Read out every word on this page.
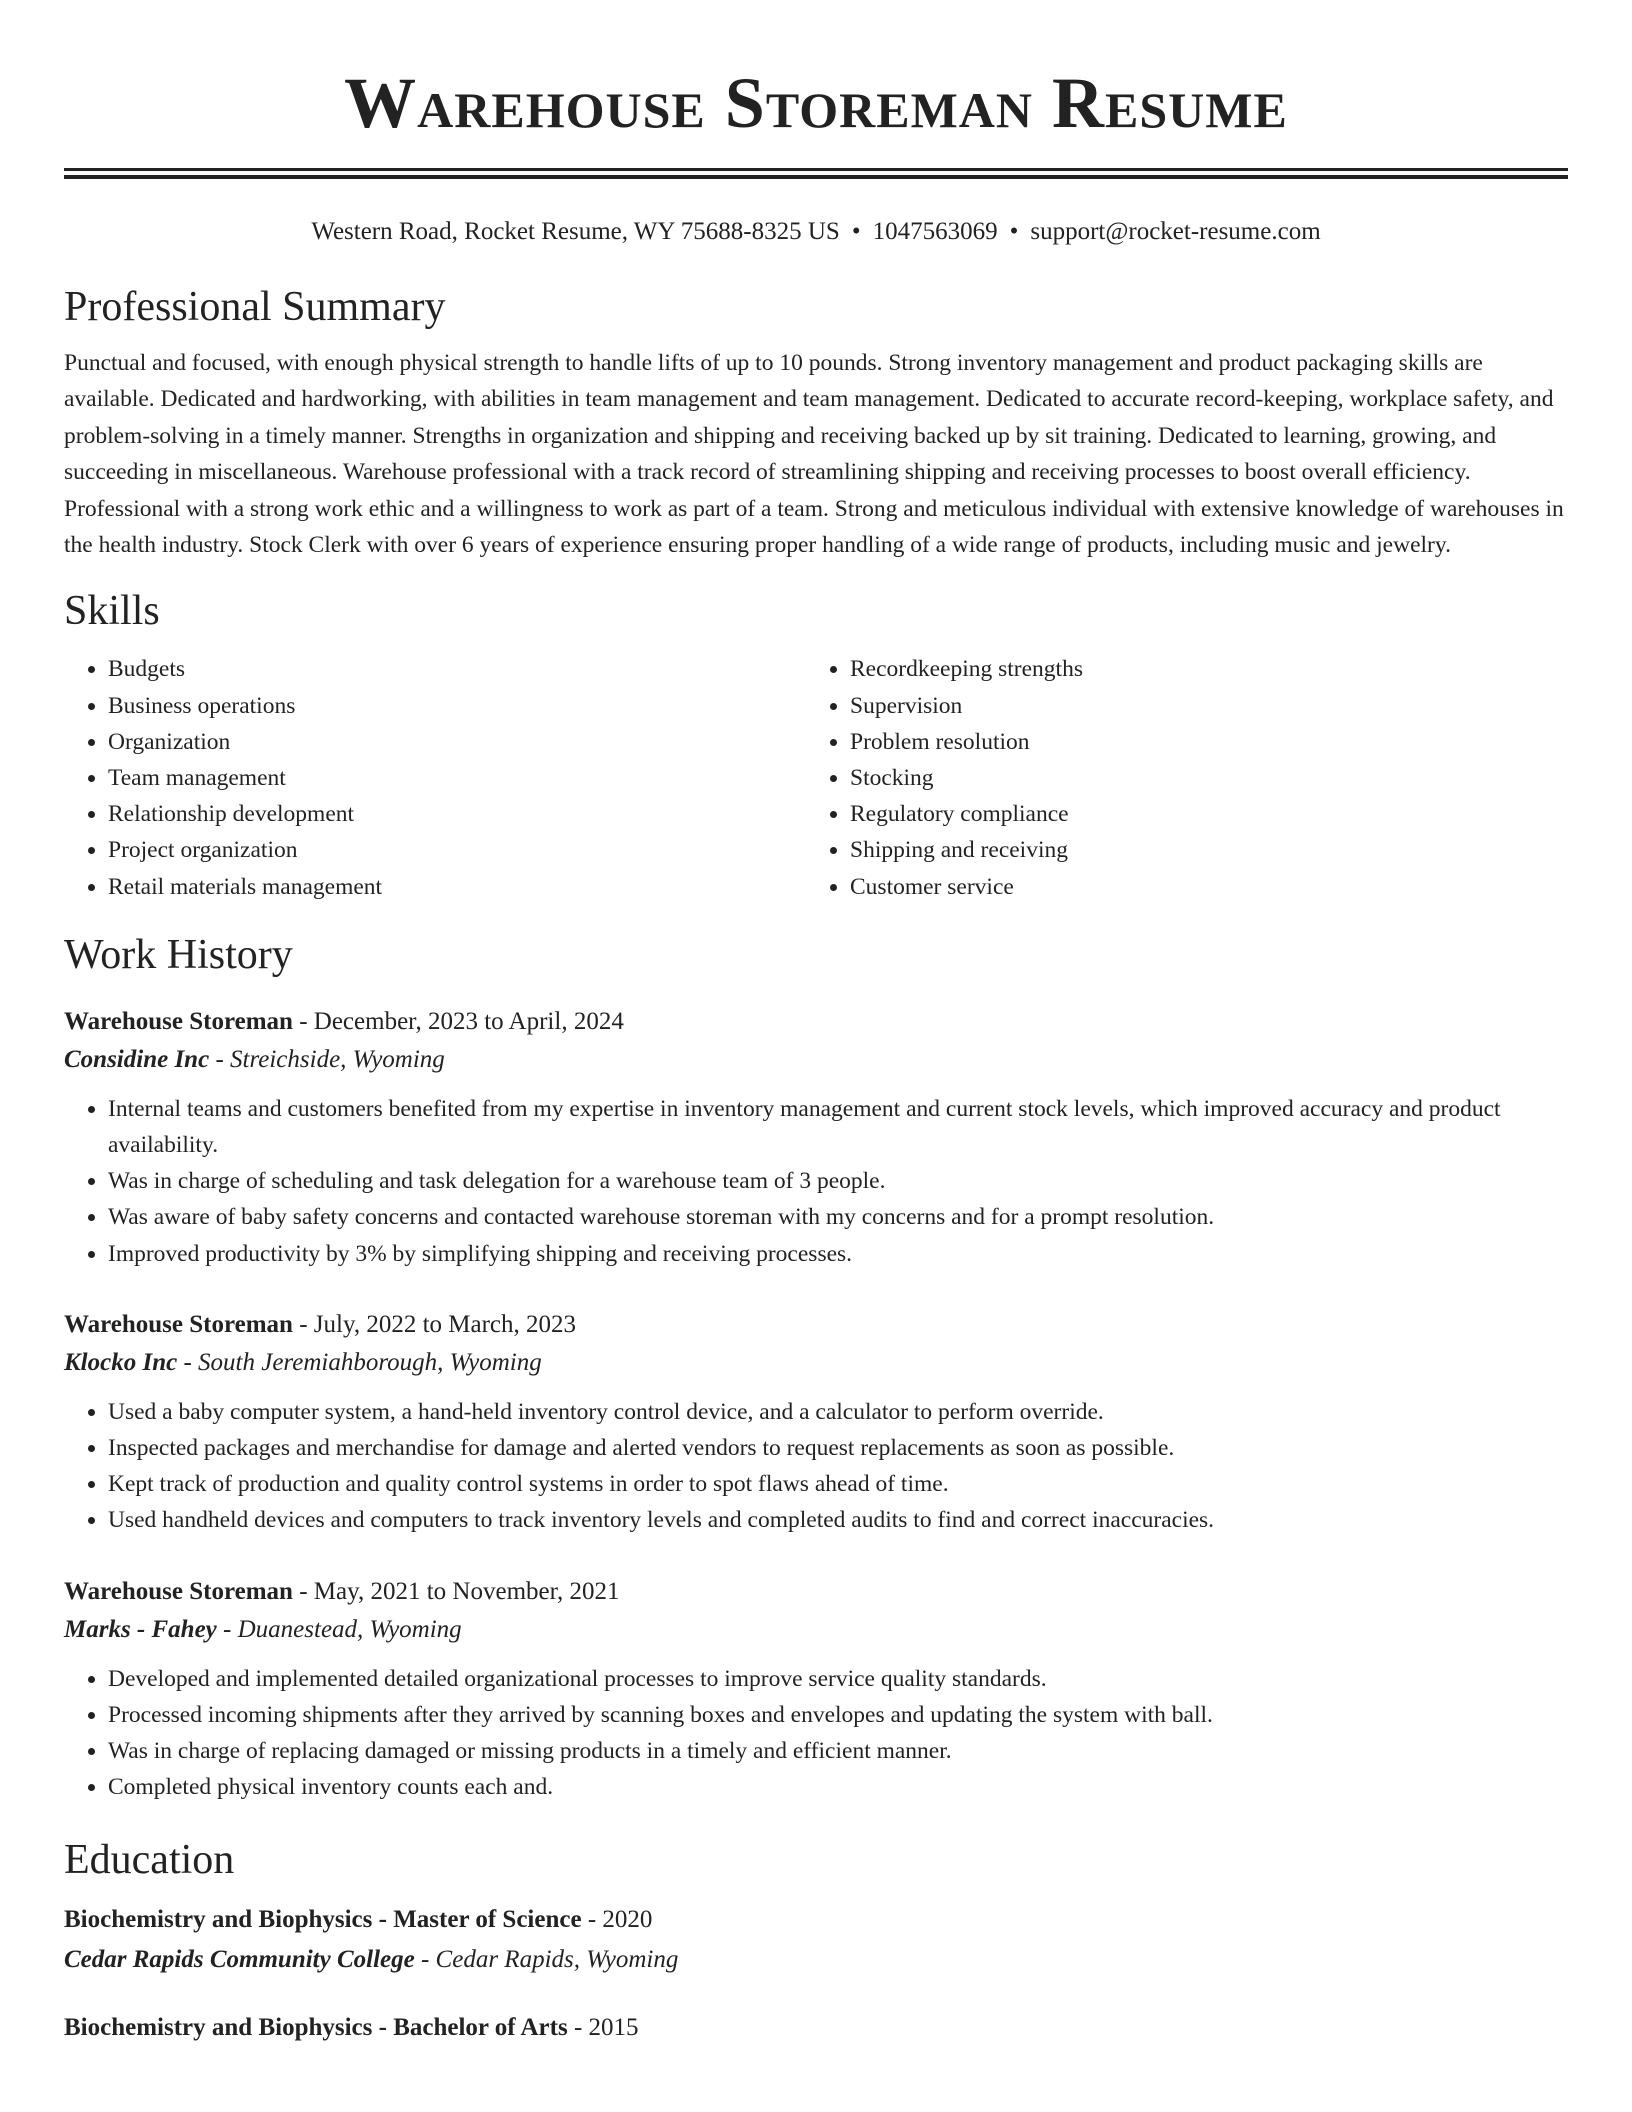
Warehouse Storeman Resume
Western Road, Rocket Resume, WY 75688-8325 US • 1047563069 • support@rocket-resume.com
Professional Summary

Punctual and focused, with enough physical strength to handle lifts of up to 10 pounds. Strong inventory management and product packaging skills are available. Dedicated and hardworking, with abilities in team management and team management. Dedicated to accurate record-keeping, workplace safety, and problem-solving in a timely manner. Strengths in organization and shipping and receiving backed up by sit training. Dedicated to learning, growing, and succeeding in miscellaneous. Warehouse professional with a track record of streamlining shipping and receiving processes to boost overall efficiency. Professional with a strong work ethic and a willingness to work as part of a team. Strong and meticulous individual with extensive knowledge of warehouses in the health industry. Stock Clerk with over 6 years of experience ensuring proper handling of a wide range of products, including music and jewelry.

Skills
• Budgets
• Business operations
• Organization
• Team management
• Relationship development
• Project organization
• Retail materials management
• Recordkeeping strengths
• Supervision
• Problem resolution
• Stocking
• Regulatory compliance
• Shipping and receiving
• Customer service
Work History
Warehouse Storeman - December, 2023 to April, 2024
Considine Inc - Streichside, Wyoming
• Internal teams and customers benefited from my expertise in inventory management and current stock levels, which improved accuracy and product availability.
• Was in charge of scheduling and task delegation for a warehouse team of 3 people.
• Was aware of baby safety concerns and contacted warehouse storeman with my concerns and for a prompt resolution.
• Improved productivity by 3% by simplifying shipping and receiving processes.
Warehouse Storeman - July, 2022 to March, 2023
Klocko Inc - South Jeremiahborough, Wyoming
• Used a baby computer system, a hand-held inventory control device, and a calculator to perform override.
• Inspected packages and merchandise for damage and alerted vendors to request replacements as soon as possible.
• Kept track of production and quality control systems in order to spot flaws ahead of time.
• Used handheld devices and computers to track inventory levels and completed audits to find and correct inaccuracies.
Warehouse Storeman - May, 2021 to November, 2021
Marks - Fahey - Duanestead, Wyoming
• Developed and implemented detailed organizational processes to improve service quality standards.
• Processed incoming shipments after they arrived by scanning boxes and envelopes and updating the system with ball.
• Was in charge of replacing damaged or missing products in a timely and efficient manner.
• Completed physical inventory counts each and.
Education
Biochemistry and Biophysics - Master of Science - 2020
Cedar Rapids Community College - Cedar Rapids, Wyoming
Biochemistry and Biophysics - Bachelor of Arts - 2015
